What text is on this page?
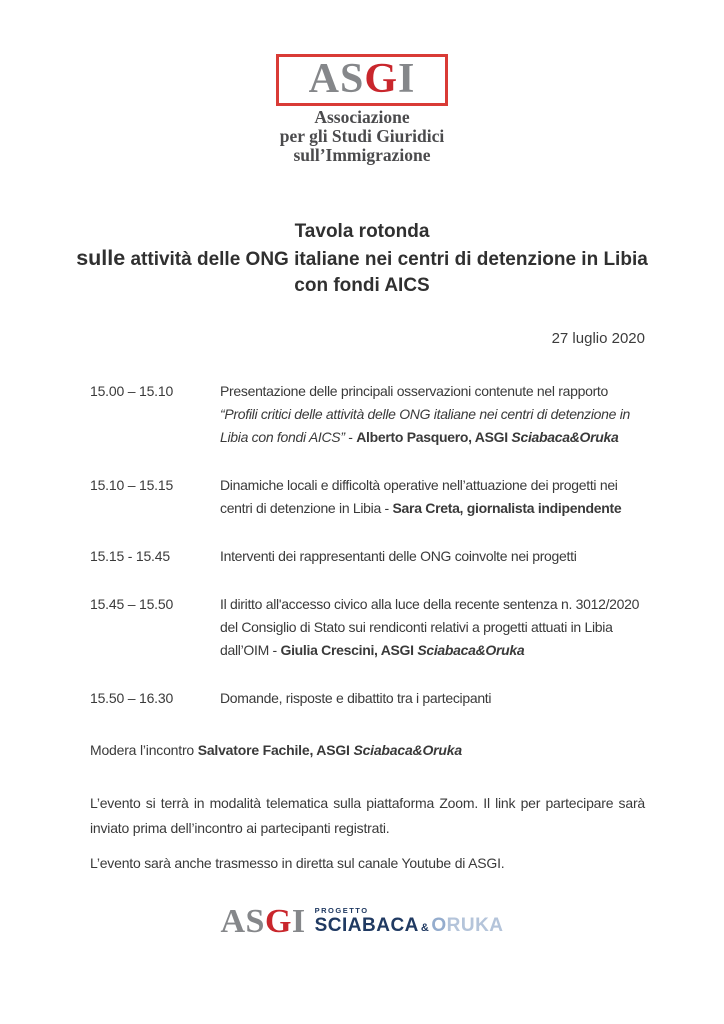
ASGI
Associazione
per gli Studi Giuridici
sull’Immigrazione
Tavola rotonda
sulle attività delle ONG italiane nei centri di detenzione in Libia
con fondi AICS
27 luglio 2020
15.00 – 15.10	Presentazione delle principali osservazioni contenute nel rapporto “Profili critici delle attività delle ONG italiane nei centri di detenzione in Libia con fondi AICS” - Alberto Pasquero, ASGI Sciabaca&Oruka
15.10 – 15.15	Dinamiche locali e difficoltà operative nell’attuazione dei progetti nei centri di detenzione in Libia - Sara Creta, giornalista indipendente
15.15 - 15.45	Interventi dei rappresentanti delle ONG coinvolte nei progetti
15.45 – 15.50	Il diritto all'accesso civico alla luce della recente sentenza n. 3012/2020 del Consiglio di Stato sui rendiconti relativi a progetti attuati in Libia dall’OIM - Giulia Crescini, ASGI Sciabaca&Oruka
15.50 – 16.30	Domande, risposte e dibattito tra i partecipanti

Modera l’incontro Salvatore Fachile, ASGI Sciabaca&Oruka

L’evento si terrà in modalità telematica sulla piattaforma Zoom. Il link per partecipare sarà inviato prima dell’incontro ai partecipanti registrati.

L’evento sarà anche trasmesso in diretta sul canale Youtube di ASGI.

ASGI PROGETTO
SCIABACA & ORUKA
